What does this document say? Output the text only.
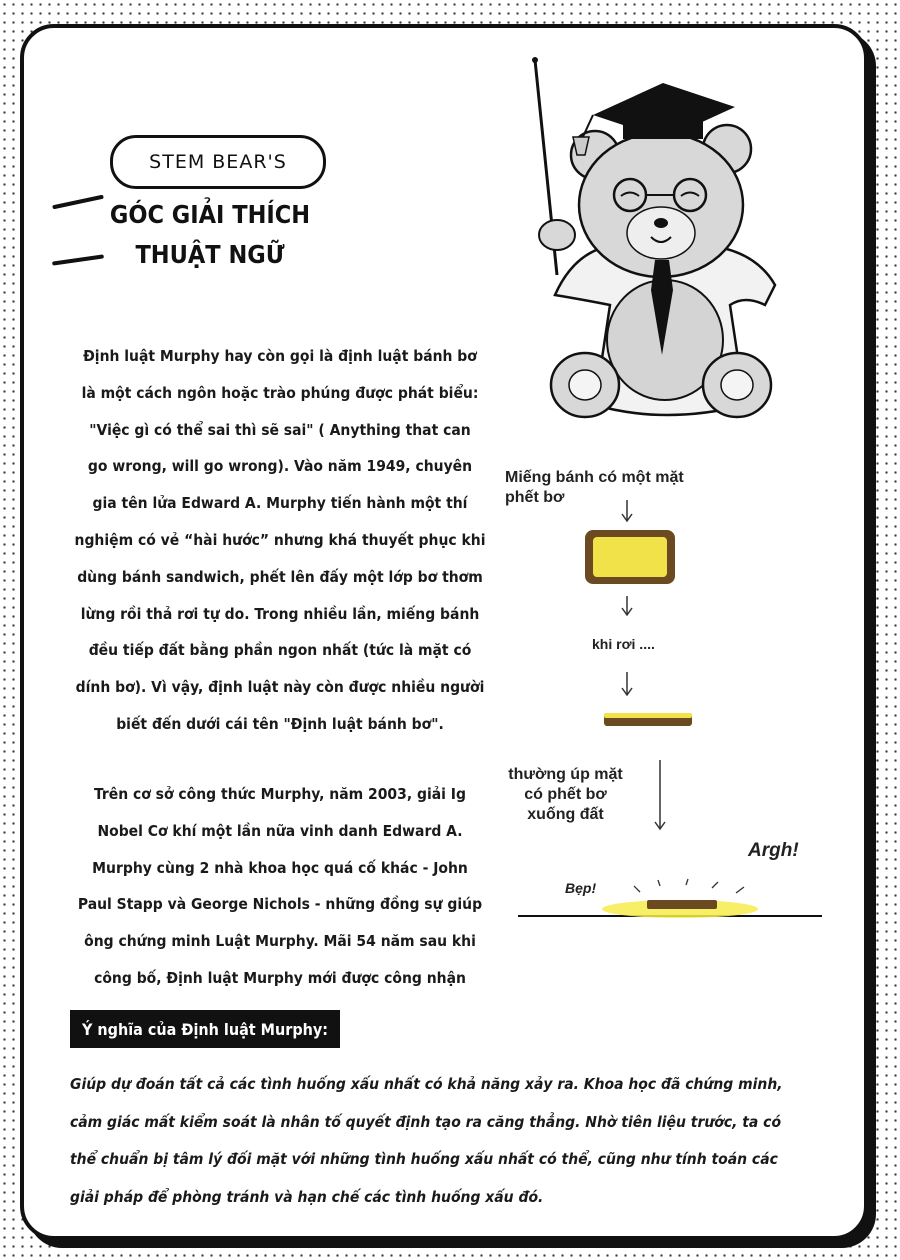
STEM BEAR'S
GÓC GIẢI THÍCH
THUẬT NGỮ
Định luật Murphy hay còn gọi là định luật bánh bơ
là một cách ngôn hoặc trào phúng được phát biểu:
"Việc gì có thể sai thì sẽ sai" ( Anything that can
go wrong, will go wrong). Vào năm 1949, chuyên
gia tên lửa Edward A. Murphy tiến hành một thí
nghiệm có vẻ “hài hước” nhưng khá thuyết phục khi
dùng bánh sandwich, phết lên đấy một lớp bơ thơm
lừng rồi thả rơi tự do. Trong nhiều lần, miếng bánh
đều tiếp đất bằng phần ngon nhất (tức là mặt có
dính bơ). Vì vậy, định luật này còn được nhiều người
biết đến dưới cái tên "Định luật bánh bơ".
Trên cơ sở công thức Murphy, năm 2003, giải Ig
Nobel Cơ khí một lần nữa vinh danh Edward A.
Murphy cùng 2 nhà khoa học quá cố khác - John
Paul Stapp và George Nichols - những đồng sự giúp
ông chứng minh Luật Murphy. Mãi 54 năm sau khi
công bố, Định luật Murphy mới được công nhận
Ý nghĩa của Định luật Murphy:
Giúp dự đoán tất cả các tình huống xấu nhất có khả năng xảy ra. Khoa học đã chứng minh,
cảm giác mất kiểm soát là nhân tố quyết định tạo ra căng thẳng. Nhờ tiên liệu trước, ta có
thể chuẩn bị tâm lý đối mặt với những tình huống xấu nhất có thể, cũng như tính toán các
giải pháp để phòng tránh và hạn chế các tình huống xấu đó.
Miếng bánh có một mặt
phết bơ
khi rơi ....
thường úp mặt
có phết bơ
xuống đất
Argh!
Bẹp!
